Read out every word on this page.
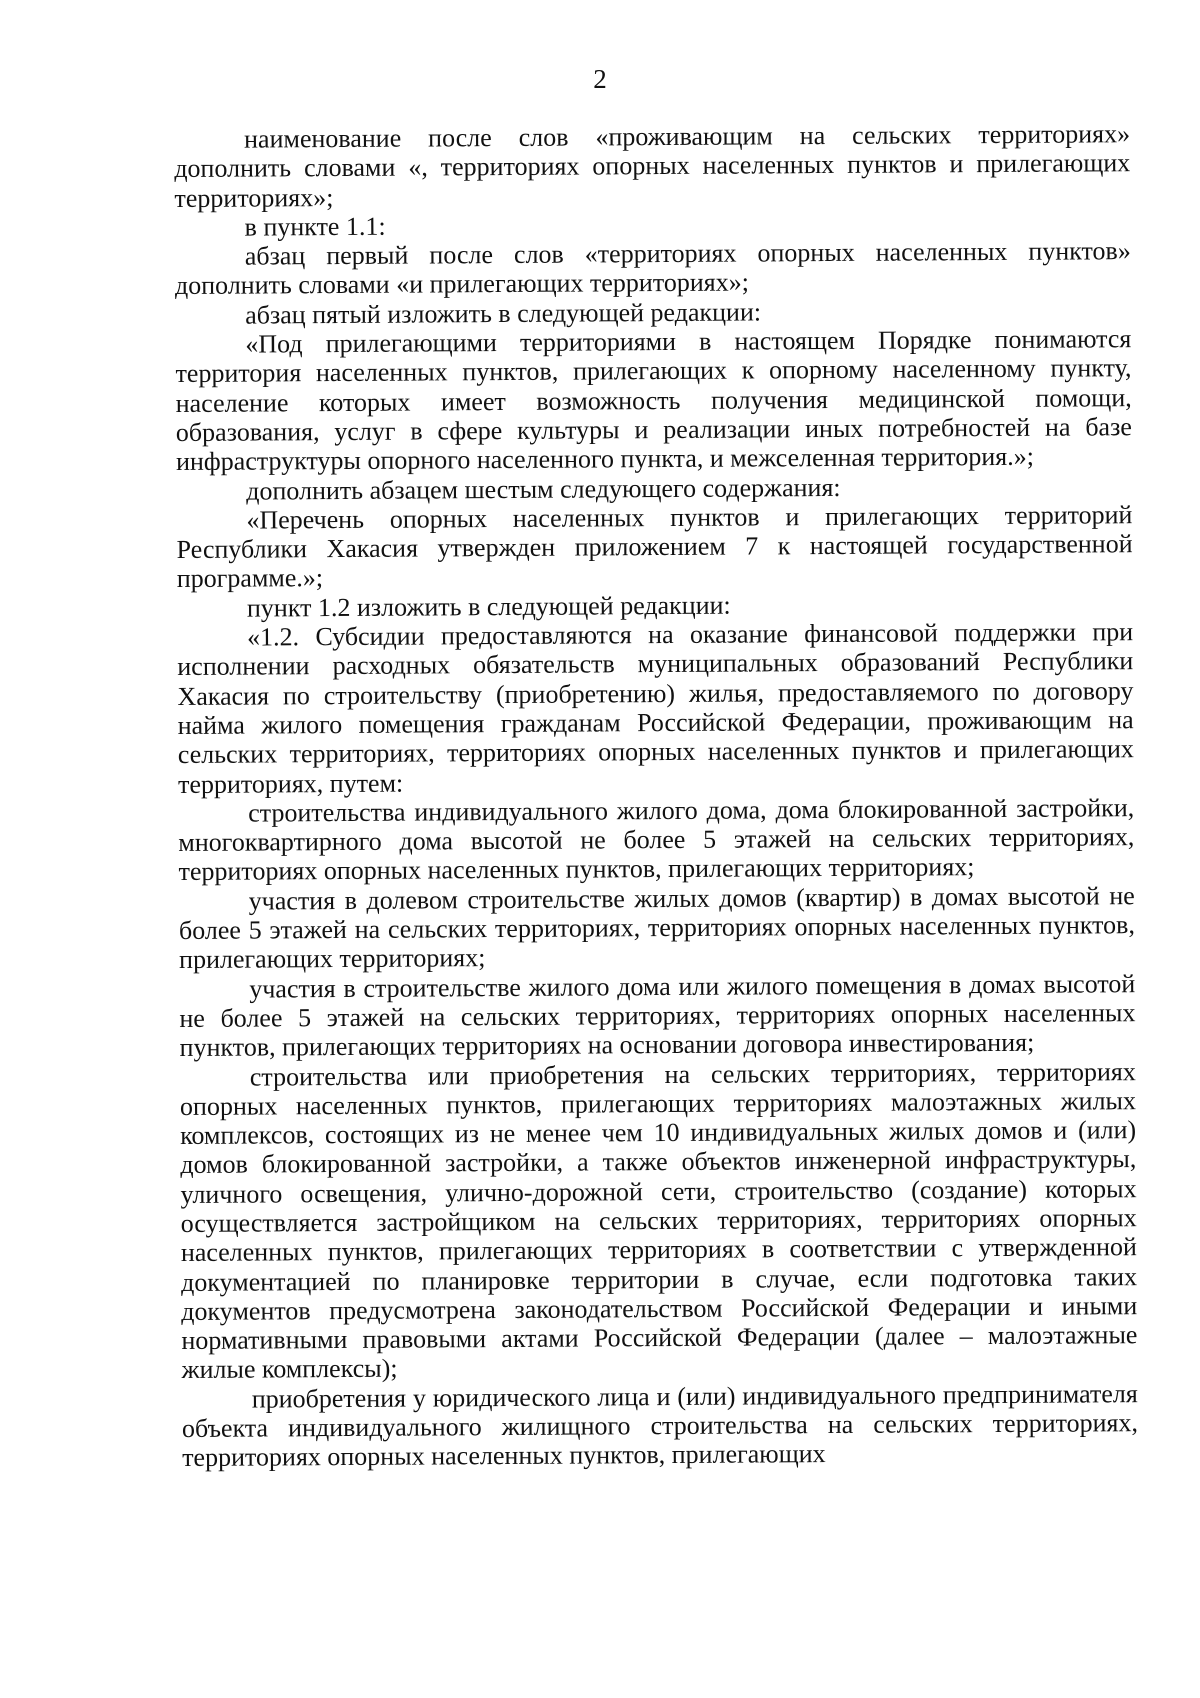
2

наименование после слов «проживающим на сельских территориях» дополнить словами «, территориях опорных населенных пунктов и прилегающих территориях»;

в пункте 1.1:

абзац первый после слов «территориях опорных населенных пунктов» дополнить словами «и прилегающих территориях»;

абзац пятый изложить в следующей редакции:

«Под прилегающими территориями в настоящем Порядке понимаются территория населенных пунктов, прилегающих к опорному населенному пункту, население которых имеет возможность получения медицинской помощи, образования, услуг в сфере культуры и реализации иных потребностей на базе инфраструктуры опорного населенного пункта, и межселенная территория.»;

дополнить абзацем шестым следующего содержания:

«Перечень опорных населенных пунктов и прилегающих территорий Республики Хакасия утвержден приложением 7 к настоящей государственной программе.»;

пункт 1.2 изложить в следующей редакции:

«1.2. Субсидии предоставляются на оказание финансовой поддержки при исполнении расходных обязательств муниципальных образований Республики Хакасия по строительству (приобретению) жилья, предоставляемого по договору найма жилого помещения гражданам Российской Федерации, проживающим на сельских территориях, территориях опорных населенных пунктов и прилегающих территориях, путем:

строительства индивидуального жилого дома, дома блокированной застройки, многоквартирного дома высотой не более 5 этажей на сельских территориях, территориях опорных населенных пунктов, прилегающих территориях;

участия в долевом строительстве жилых домов (квартир) в домах высотой не более 5 этажей на сельских территориях, территориях опорных населенных пунктов, прилегающих территориях;

участия в строительстве жилого дома или жилого помещения в домах высотой не более 5 этажей на сельских территориях, территориях опорных населенных пунктов, прилегающих территориях на основании договора инвестирования;

строительства или приобретения на сельских территориях, территориях опорных населенных пунктов, прилегающих территориях малоэтажных жилых комплексов, состоящих из не менее чем 10 индивидуальных жилых домов и (или) домов блокированной застройки, а также объектов инженерной инфраструктуры, уличного освещения, улично-дорожной сети, строительство (создание) которых осуществляется застройщиком на сельских территориях, территориях опорных населенных пунктов, прилегающих территориях в соответствии с утвержденной документацией по планировке территории в случае, если подготовка таких документов предусмотрена законодательством Российской Федерации и иными нормативными правовыми актами Российской Федерации (далее – малоэтажные жилые комплексы);

приобретения у юридического лица и (или) индивидуального предпринимателя объекта индивидуального жилищного строительства на сельских территориях, территориях опорных населенных пунктов, прилегающих
